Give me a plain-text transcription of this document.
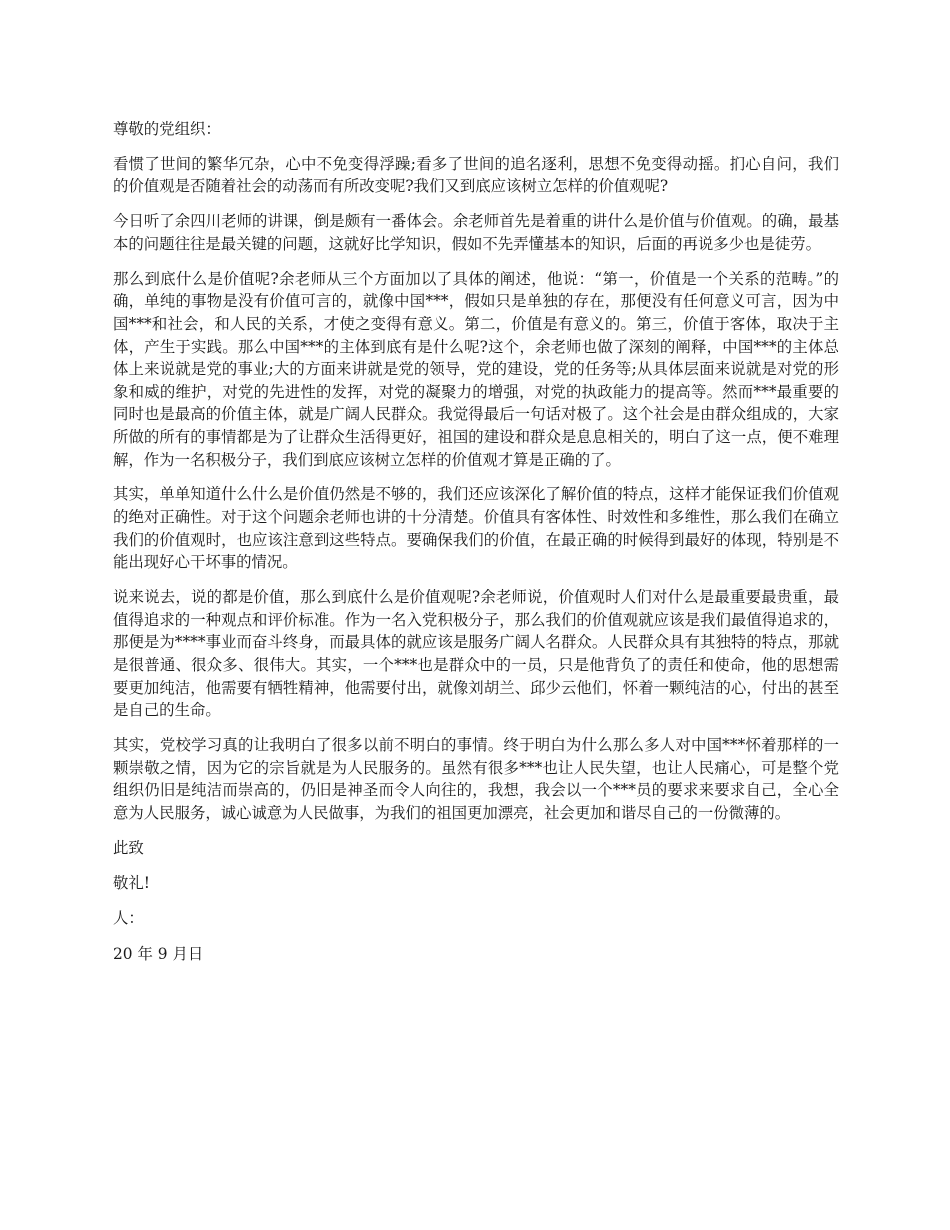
尊敬的党组织：

看惯了世间的繁华冗杂，心中不免变得浮躁;看多了世间的追名逐利，思想不免变得动摇。扪心自问，我们的价值观是否随着社会的动荡而有所改变呢?我们又到底应该树立怎样的价值观呢?

今日听了余四川老师的讲课，倒是颇有一番体会。余老师首先是着重的讲什么是价值与价值观。的确，最基本的问题往往是最关键的问题，这就好比学知识，假如不先弄懂基本的知识，后面的再说多少也是徒劳。

那么到底什么是价值呢?余老师从三个方面加以了具体的阐述，他说：“第一，价值是一个关系的范畴。”的确，单纯的事物是没有价值可言的，就像中国***，假如只是单独的存在，那便没有任何意义可言，因为中国***和社会，和人民的关系，才使之变得有意义。第二，价值是有意义的。第三，价值于客体，取决于主体，产生于实践。那么中国***的主体到底有是什么呢?这个，余老师也做了深刻的阐释，中国***的主体总体上来说就是党的事业;大的方面来讲就是党的领导，党的建设，党的任务等;从具体层面来说就是对党的形象和威的维护，对党的先进性的发挥，对党的凝聚力的增强，对党的执政能力的提高等。然而***最重要的同时也是最高的价值主体，就是广阔人民群众。我觉得最后一句话对极了。这个社会是由群众组成的，大家所做的所有的事情都是为了让群众生活得更好，祖国的建设和群众是息息相关的，明白了这一点，便不难理解，作为一名积极分子，我们到底应该树立怎样的价值观才算是正确的了。

其实，单单知道什么什么是价值仍然是不够的，我们还应该深化了解价值的特点，这样才能保证我们价值观的绝对正确性。对于这个问题余老师也讲的十分清楚。价值具有客体性、时效性和多维性，那么我们在确立我们的价值观时，也应该注意到这些特点。要确保我们的价值，在最正确的时候得到最好的体现，特别是不能出现好心干坏事的情况。

说来说去，说的都是价值，那么到底什么是价值观呢?余老师说，价值观时人们对什么是最重要最贵重，最值得追求的一种观点和评价标准。作为一名入党积极分子，那么我们的价值观就应该是我们最值得追求的，那便是为****事业而奋斗终身，而最具体的就应该是服务广阔人名群众。人民群众具有其独特的特点，那就是很普通、很众多、很伟大。其实，一个***也是群众中的一员，只是他背负了的责任和使命，他的思想需要更加纯洁，他需要有牺牲精神，他需要付出，就像刘胡兰、邱少云他们，怀着一颗纯洁的心，付出的甚至是自己的生命。

其实，党校学习真的让我明白了很多以前不明白的事情。终于明白为什么那么多人对中国***怀着那样的一颗崇敬之情，因为它的宗旨就是为人民服务的。虽然有很多***也让人民失望，也让人民痛心，可是整个党组织仍旧是纯洁而崇高的，仍旧是神圣而令人向往的，我想，我会以一个***员的要求来要求自己，全心全意为人民服务，诚心诚意为人民做事，为我们的祖国更加漂亮，社会更加和谐尽自己的一份微薄的。

此致

敬礼!

人：

20 年 9 月日
